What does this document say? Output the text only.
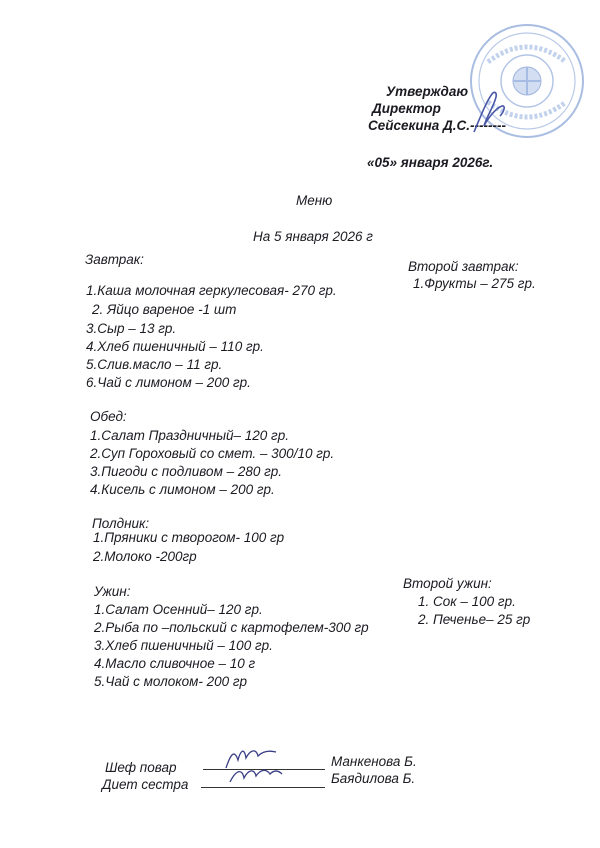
Утверждаю
Директор
Сейсекина Д.С.--------
«05» января 2026г.
Меню
На 5 января 2026 г
Завтрак:
1.Каша молочная геркулесовая- 270 гр.
2. Яйцо вареное -1 шт
3.Сыр – 13 гр.
4.Хлеб пшеничный – 110 гр.
5.Слив.масло – 11 гр.
6.Чай с лимоном – 200 гр.
Второй завтрак:
1.Фрукты – 275 гр.
Обед:
1.Салат Праздничный– 120 гр.
2.Суп Гороховый со смет. – 300/10 гр.
3.Пигоди с подливом – 280 гр.
4.Кисель с лимоном – 200 гр.
Полдник:
1.Пряники с творогом- 100 гр
2.Молоко -200гр
Ужин:
1.Салат Осенний– 120 гр.
2.Рыба по –польский с картофелем-300 гр
3.Хлеб пшеничный – 100 гр.
4.Масло сливочное – 10 г
5.Чай с молоком- 200 гр
Второй ужин:
1. Сок – 100 гр.
2. Печенье– 25 гр
Шеф повар	Манкенова Б.
Диет сестра	Баядилова Б.
